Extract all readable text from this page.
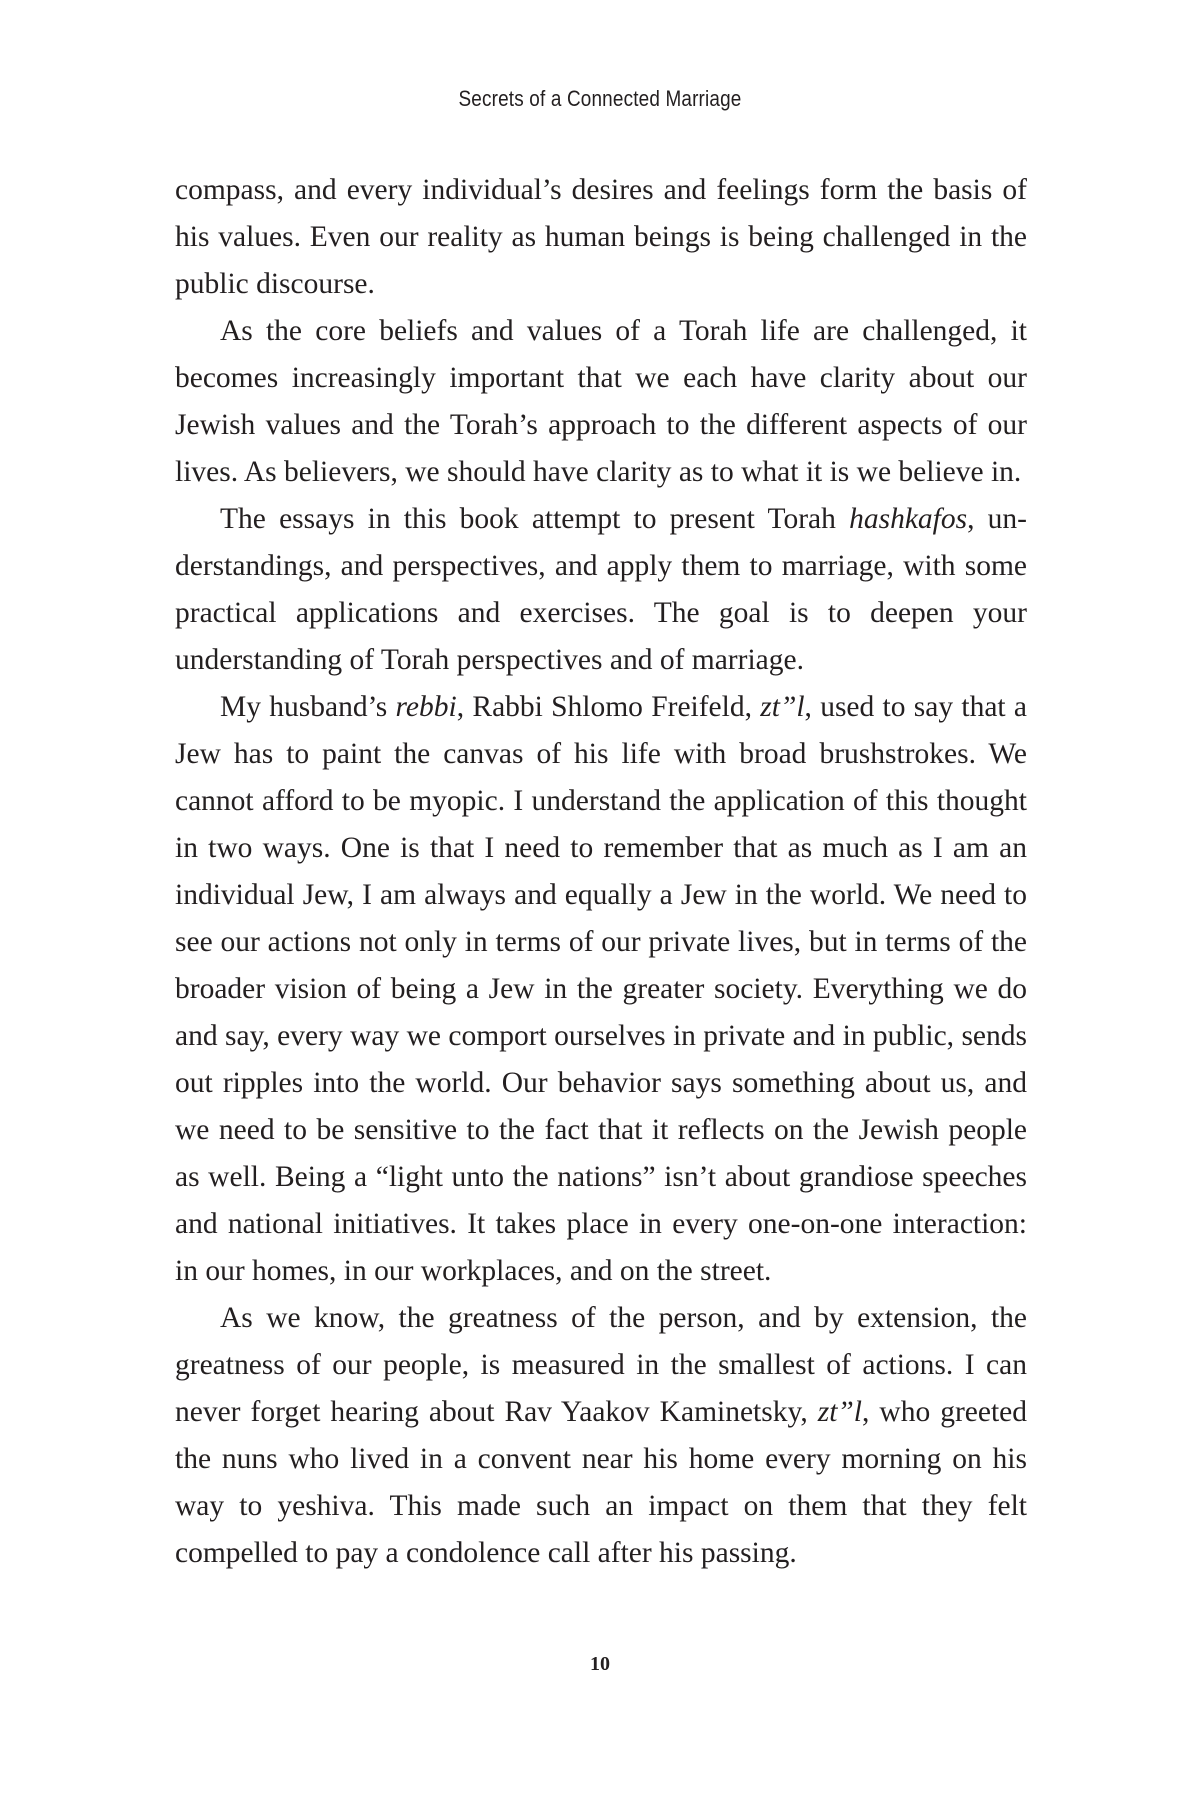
Secrets of a Connected Marriage

compass, and every individual’s desires and feelings form the basis of his values. Even our reality as human beings is being challenged in the public discourse.

As the core beliefs and values of a Torah life are challenged, it becomes increasingly important that we each have clarity about our Jewish values and the Torah’s approach to the different aspects of our lives. As believers, we should have clarity as to what it is we believe in.

The essays in this book attempt to present Torah hashkafos, un-derstandings, and perspectives, and apply them to marriage, with some practical applications and exercises. The goal is to deepen your understanding of Torah perspectives and of marriage.

My husband’s rebbi, Rabbi Shlomo Freifeld, zt”l, used to say that a Jew has to paint the canvas of his life with broad brushstrokes. We cannot afford to be myopic. I understand the application of this thought in two ways. One is that I need to remember that as much as I am an individual Jew, I am always and equally a Jew in the world. We need to see our actions not only in terms of our private lives, but in terms of the broader vision of being a Jew in the greater society. Everything we do and say, every way we comport ourselves in private and in public, sends out ripples into the world. Our behavior says something about us, and we need to be sensitive to the fact that it reflects on the Jewish people as well. Being a “light unto the nations” isn’t about grandiose speeches and national initiatives. It takes place in every one-on-one interaction: in our homes, in our workplaces, and on the street.

As we know, the greatness of the person, and by extension, the greatness of our people, is measured in the smallest of actions. I can never forget hearing about Rav Yaakov Kaminetsky, zt”l, who greeted the nuns who lived in a convent near his home every morning on his way to yeshiva. This made such an impact on them that they felt compelled to pay a condolence call after his passing.

10
